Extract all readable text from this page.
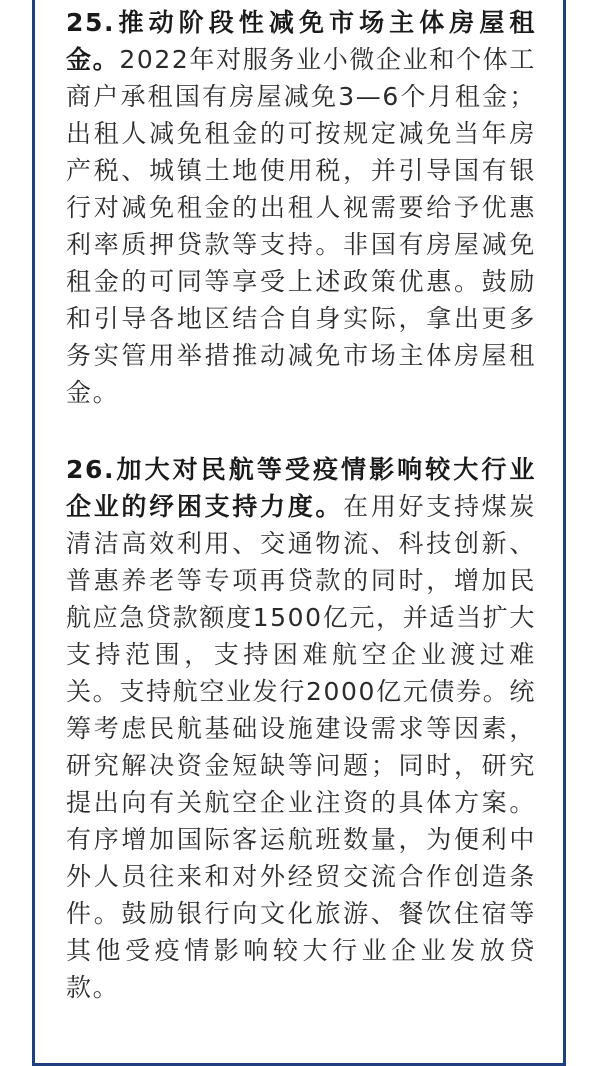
25.推动阶段性减免市场主体房屋租金。2022年对服务业小微企业和个体工商户承租国有房屋减免3—6个月租金；出租人减免租金的可按规定减免当年房产税、城镇土地使用税，并引导国有银行对减免租金的出租人视需要给予优惠利率质押贷款等支持。非国有房屋减免租金的可同等享受上述政策优惠。鼓励和引导各地区结合自身实际，拿出更多务实管用举措推动减免市场主体房屋租金。

26.加大对民航等受疫情影响较大行业企业的纾困支持力度。在用好支持煤炭清洁高效利用、交通物流、科技创新、普惠养老等专项再贷款的同时，增加民航应急贷款额度1500亿元，并适当扩大支持范围，支持困难航空企业渡过难关。支持航空业发行2000亿元债券。统筹考虑民航基础设施建设需求等因素，研究解决资金短缺等问题；同时，研究提出向有关航空企业注资的具体方案。有序增加国际客运航班数量，为便利中外人员往来和对外经贸交流合作创造条件。鼓励银行向文化旅游、餐饮住宿等其他受疫情影响较大行业企业发放贷款。
